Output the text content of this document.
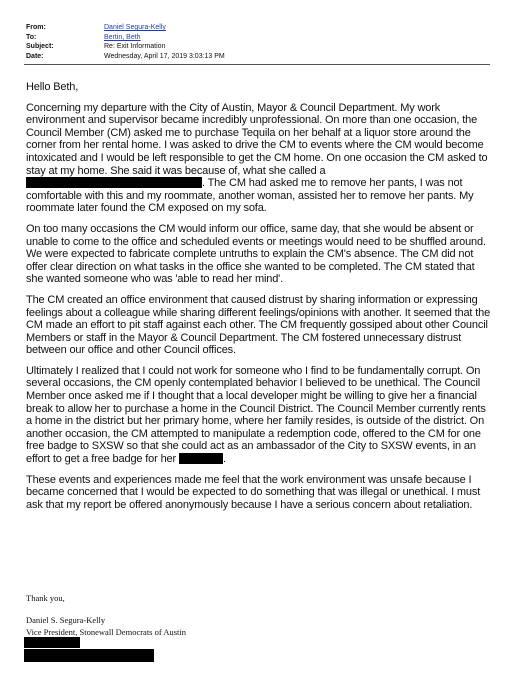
From:	Daniel Segura-Kelly
To:	Bertin, Beth
Subject:	Re: Exit Information
Date:	Wednesday, April 17, 2019 3:03:13 PM

Hello Beth,

Concerning my departure with the City of Austin, Mayor & Council Department. My work environment and supervisor became incredibly unprofessional. On more than one occasion, the Council Member (CM) asked me to purchase Tequila on her behalf at a liquor store around the corner from her rental home. I was asked to drive the CM to events where the CM would become intoxicated and I would be left responsible to get the CM home. On one occasion the CM asked to stay at my home. She said it was because of, what she called a . The CM had asked me to remove her pants, I was not comfortable with this and my roommate, another woman, assisted her to remove her pants. My roommate later found the CM exposed on my sofa.

On too many occasions the CM would inform our office, same day, that she would be absent or unable to come to the office and scheduled events or meetings would need to be shuffled around. We were expected to fabricate complete untruths to explain the CM's absence. The CM did not offer clear direction on what tasks in the office she wanted to be completed. The CM stated that she wanted someone who was 'able to read her mind'.

The CM created an office environment that caused distrust by sharing information or expressing feelings about a colleague while sharing different feelings/opinions with another. It seemed that the CM made an effort to pit staff against each other. The CM frequently gossiped about other Council Members or staff in the Mayor & Council Department. The CM fostered unnecessary distrust between our office and other Council offices.

Ultimately I realized that I could not work for someone who I find to be fundamentally corrupt. On several occasions, the CM openly contemplated behavior I believed to be unethical. The Council Member once asked me if I thought that a local developer might be willing to give her a financial break to allow her to purchase a home in the Council District. The Council Member currently rents a home in the district but her primary home, where her family resides, is outside of the district. On another occasion, the CM attempted to manipulate a redemption code, offered to the CM for one free badge to SXSW so that she could act as an ambassador of the City to SXSW events, in an effort to get a free badge for her	.

These events and experiences made me feel that the work environment was unsafe because I became concerned that I would be expected to do something that was illegal or unethical. I must ask that my report be offered anonymously because I have a serious concern about retaliation.

Thank you,
Daniel S. Segura-Kelly
Vice President, Stonewall Democrats of Austin
